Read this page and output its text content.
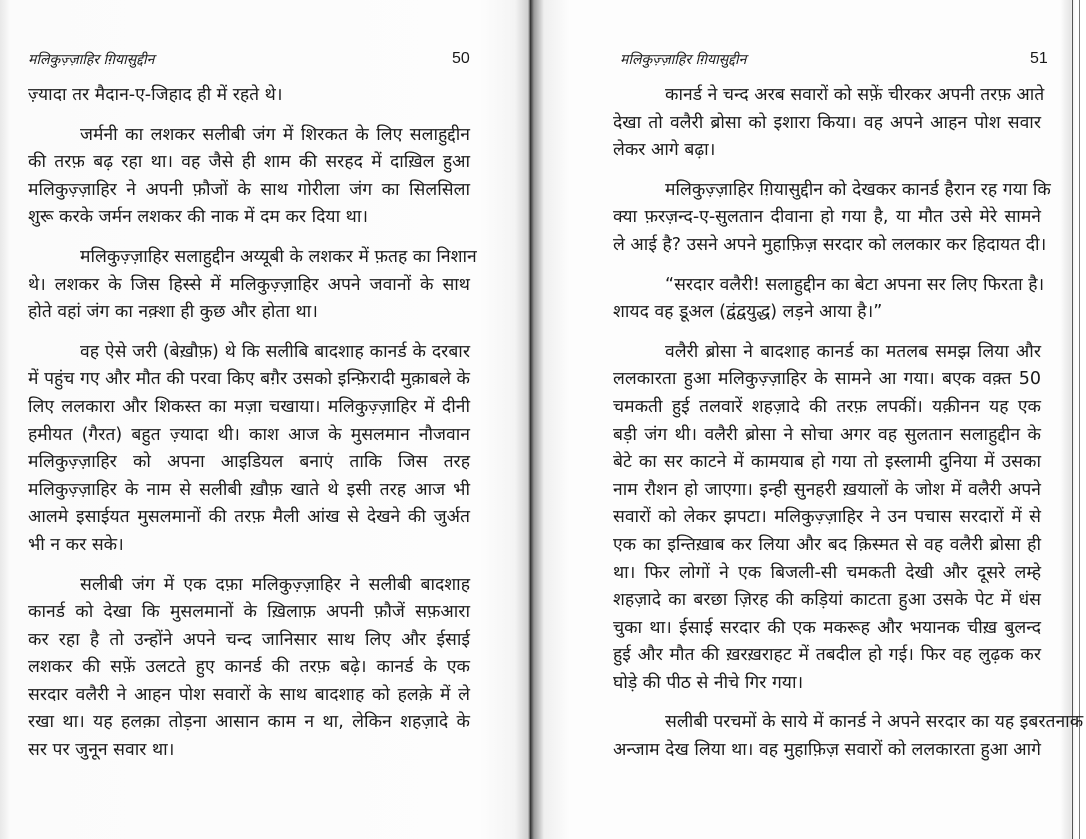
मलिकुज़्ज़ाहिर ग़ियासुद्दीन	50
ज़्यादा तर मैदान-ए-जिहाद ही में रहते थे।
जर्मनी का लशकर सलीबी जंग में शिरकत के लिए सलाहुद्दीन
की तरफ़ बढ़ रहा था। वह जैसे ही शाम की सरहद में दाख़िल हुआ
मलिकुज़्ज़ाहिर ने अपनी फ़ौजों के साथ गोरीला जंग का सिलसिला
शुरू करके जर्मन लशकर की नाक में दम कर दिया था।
मलिकुज़्ज़ाहिर सलाहुद्दीन अय्यूबी के लशकर में फ़तह का निशान
थे। लशकर के जिस हिस्से में मलिकुज़्ज़ाहिर अपने जवानों के साथ
होते वहां जंग का नक़्शा ही कुछ और होता था।
वह ऐसे जरी (बेख़ौफ़) थे कि सलीबि बादशाह कानर्ड के दरबार
में पहुंच गए और मौत की परवा किए बग़ैर उसको इन्फ़िरादी मुक़ाबले के
लिए ललकारा और शिकस्त का मज़ा चखाया। मलिकुज़्ज़ाहिर में दीनी
हमीयत (गैरत) बहुत ज़्यादा थी। काश आज के मुसलमान नौजवान
मलिकुज़्ज़ाहिर को अपना आइडियल बनाएं ताकि जिस तरह
मलिकुज़्ज़ाहिर के नाम से सलीबी ख़ौफ़ खाते थे इसी तरह आज भी
आलमे इसाईयत मुसलमानों की तरफ़ मैली आंख से देखने की जुर्अत
भी न कर सके।
सलीबी जंग में एक दफ़ा मलिकुज़्ज़ाहिर ने सलीबी बादशाह
कानर्ड को देखा कि मुसलमानों के ख़िलाफ़ अपनी फ़ौजें सफ़आरा
कर रहा है तो उन्होंने अपने चन्द जानिसार साथ लिए और ईसाई
लशकर की सफ़ें उलटते हुए कानर्ड की तरफ़ बढ़े। कानर्ड के एक
सरदार वलैरी ने आहन पोश सवारों के साथ बादशाह को हलक़े में ले
रखा था। यह हलक़ा तोड़ना आसान काम न था, लेकिन शहज़ादे के
सर पर जुनून सवार था।
मलिकुज़्ज़ाहिर ग़ियासुद्दीन	51
कानर्ड ने चन्द अरब सवारों को सफ़ें चीरकर अपनी तरफ़ आते
देखा तो वलैरी ब्रोसा को इशारा किया। वह अपने आहन पोश सवार
लेकर आगे बढ़ा।
मलिकुज़्ज़ाहिर ग़ियासुद्दीन को देखकर कानर्ड हैरान रह गया कि
क्या फ़रज़न्द-ए-सुलतान दीवाना हो गया है, या मौत उसे मेरे सामने
ले आई है? उसने अपने मुहाफ़िज़ सरदार को ललकार कर हिदायत दी।
“सरदार वलैरी! सलाहुद्दीन का बेटा अपना सर लिए फिरता है।
शायद वह डूअल (द्वंद्वयुद्ध) लड़ने आया है।”
वलैरी ब्रोसा ने बादशाह कानर्ड का मतलब समझ लिया और
ललकारता हुआ मलिकुज़्ज़ाहिर के सामने आ गया। बएक वक़्त 50
चमकती हुई तलवारें शहज़ादे की तरफ़ लपकीं। यक़ीनन यह एक
बड़ी जंग थी। वलैरी ब्रोसा ने सोचा अगर वह सुलतान सलाहुद्दीन के
बेटे का सर काटने में कामयाब हो गया तो इस्लामी दुनिया में उसका
नाम रौशन हो जाएगा। इन्ही सुनहरी ख़यालों के जोश में वलैरी अपने
सवारों को लेकर झपटा। मलिकुज़्ज़ाहिर ने उन पचास सरदारों में से
एक का इन्तिख़ाब कर लिया और बद क़िस्मत से वह वलैरी ब्रोसा ही
था। फिर लोगों ने एक बिजली-सी चमकती देखी और दूसरे लम्हे
शहज़ादे का बरछा ज़िरह की कड़ियां काटता हुआ उसके पेट में धंस
चुका था। ईसाई सरदार की एक मकरूह और भयानक चीख़ बुलन्द
हुई और मौत की ख़रख़राहट में तबदील हो गई। फिर वह लुढ़क कर
घोड़े की पीठ से नीचे गिर गया।
सलीबी परचमों के साये में कानर्ड ने अपने सरदार का यह इबरतनाक
अन्जाम देख लिया था। वह मुहाफ़िज़ सवारों को ललकारता हुआ आगे
